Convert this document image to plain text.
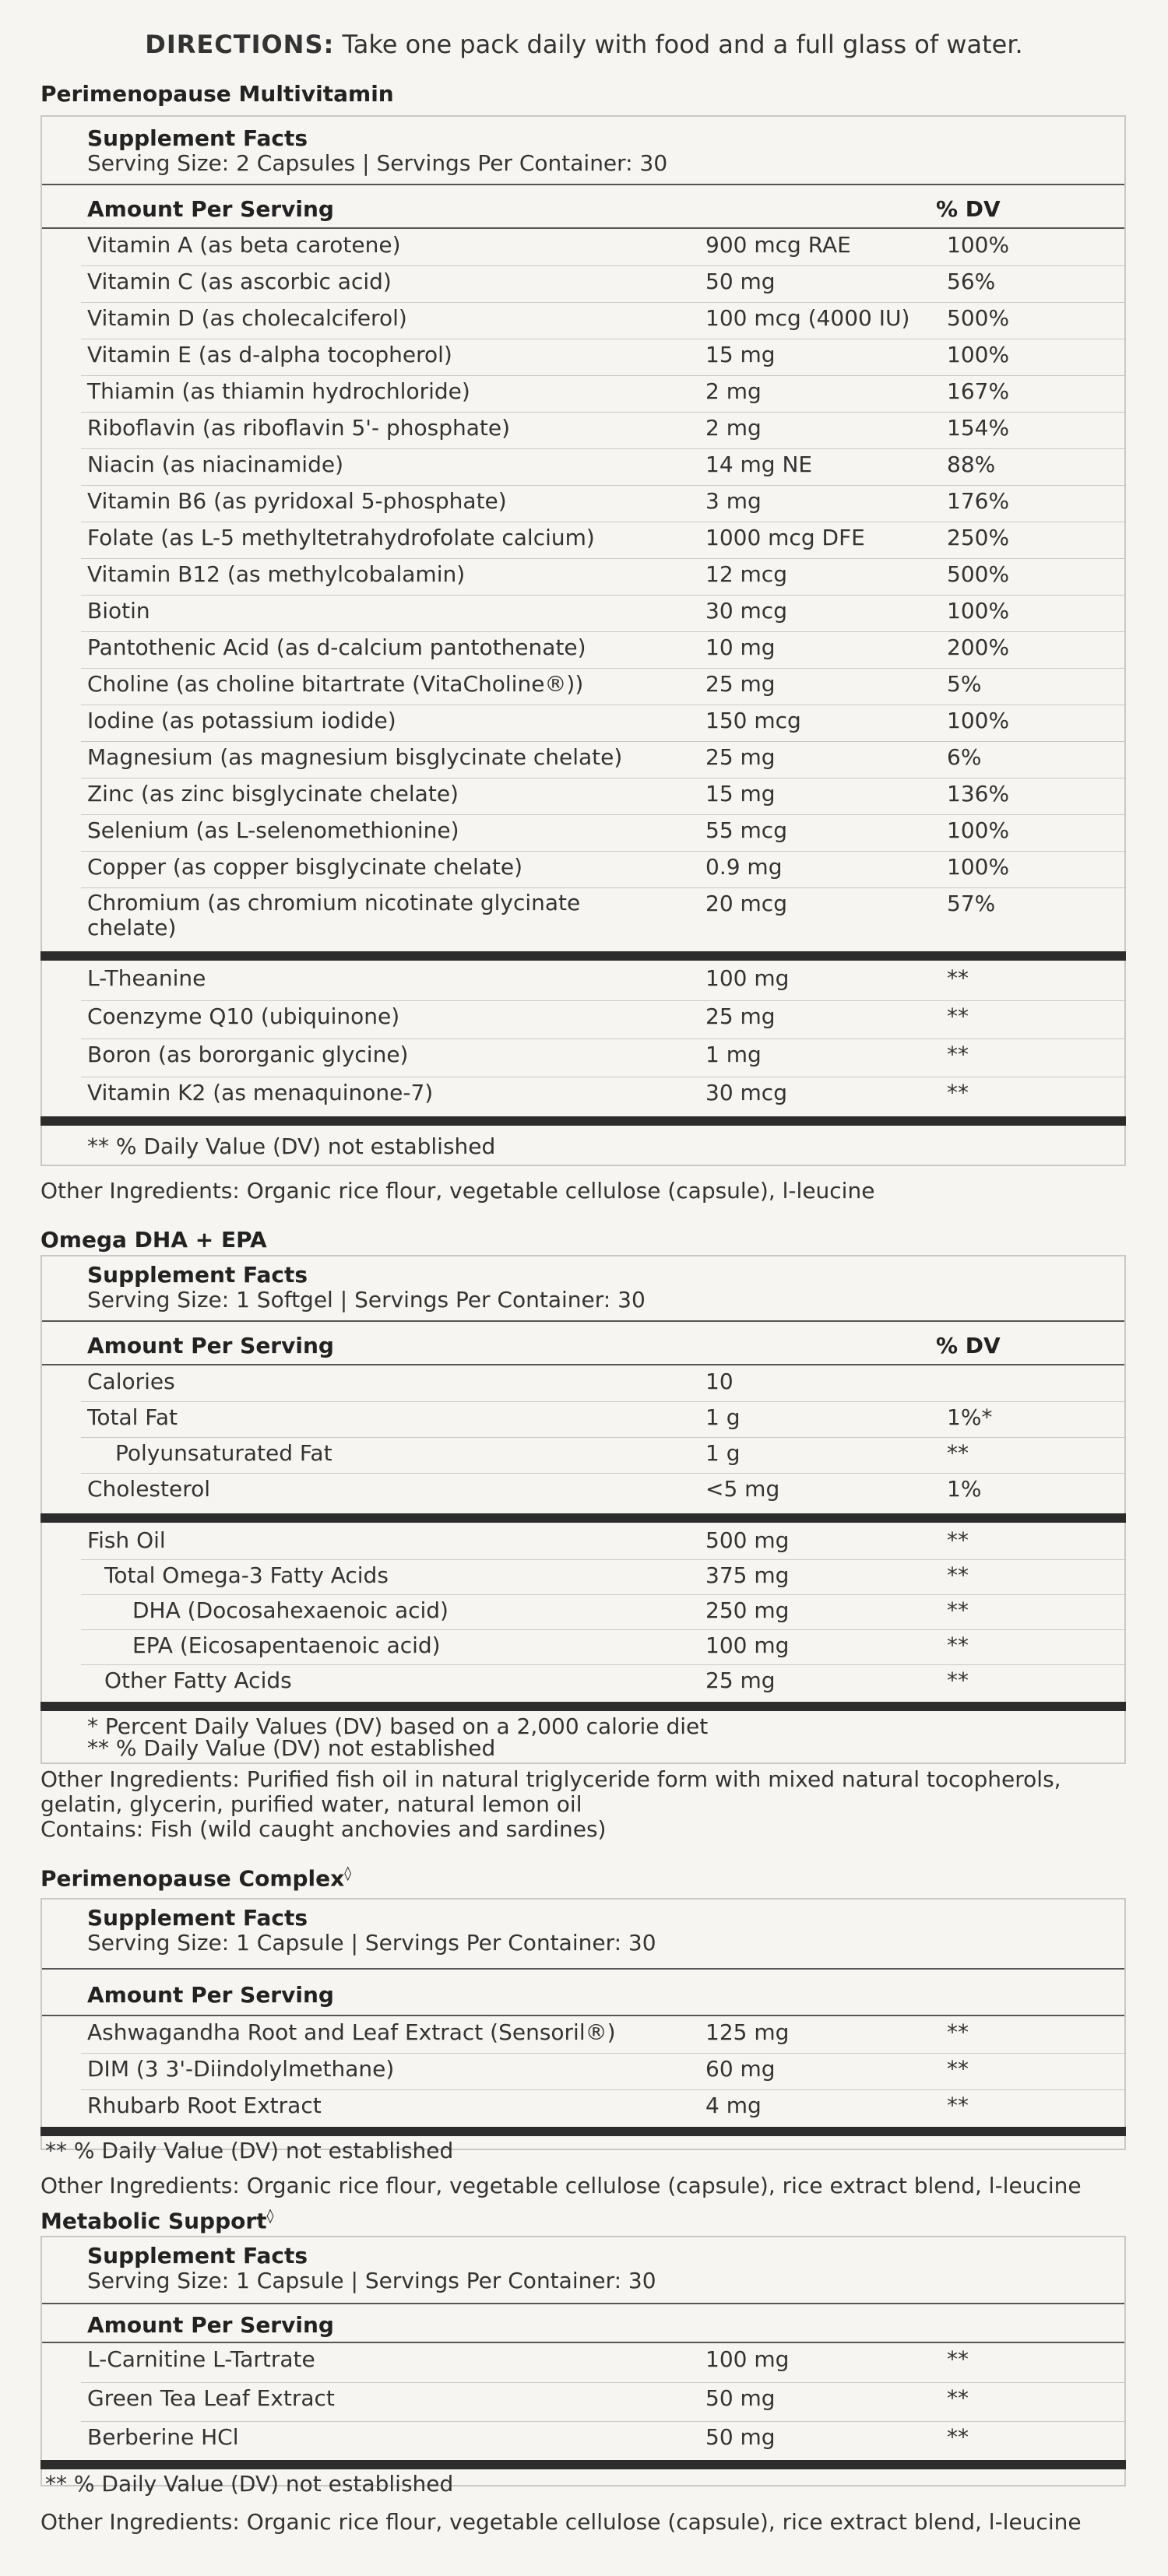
DIRECTIONS: Take one pack daily with food and a full glass of water.

Perimenopause Multivitamin
Supplement Facts
Serving Size: 2 Capsules | Servings Per Container: 30
Amount Per Serving	% DV
Vitamin A (as beta carotene)	900 mcg RAE	100%
Vitamin C (as ascorbic acid)	50 mg	56%
Vitamin D (as cholecalciferol)	100 mcg (4000 IU) 500%
Vitamin E (as d-alpha tocopherol)	15 mg	100%
Thiamin (as thiamin hydrochloride)	2 mg	167%
Riboflavin (as riboflavin 5'- phosphate)	2 mg	154%
Niacin (as niacinamide)	14 mg NE	88%
Vitamin B6 (as pyridoxal 5-phosphate)	3 mg	176%
Folate (as L-5 methyltetrahydrofolate calcium)	1000 mcg DFE	250%
Vitamin B12 (as methylcobalamin)	12 mcg	500%
Biotin	30 mcg	100%
Pantothenic Acid (as d-calcium pantothenate)	10 mg	200%
Choline (as choline bitartrate (VitaCholine®))	25 mg	5%
Iodine (as potassium iodide)	150 mcg	100%
Magnesium (as magnesium bisglycinate chelate)	25 mg	6%
Zinc (as zinc bisglycinate chelate)	15 mg	136%
Selenium (as L-selenomethionine)	55 mcg	100%
Copper (as copper bisglycinate chelate)	0.9 mg	100%
Chromium (as chromium nicotinate glycinate chelate)
20 mcg	57%
L-Theanine	100 mg	**
Coenzyme Q10 (ubiquinone)	25 mg	**
Boron (as bororganic glycine)	1 mg	**
Vitamin K2 (as menaquinone-7)	30 mcg	**
** % Daily Value (DV) not established

Other Ingredients: Organic rice flour, vegetable cellulose (capsule), l-leucine

Omega DHA + EPA
Supplement Facts
Serving Size: 1 Softgel | Servings Per Container: 30
Amount Per Serving	% DV
Calories	10
Total Fat	1 g	1%*
Polyunsaturated Fat	1 g	**
Cholesterol	<5 mg	1%
Fish Oil	500 mg	**
Total Omega-3 Fatty Acids	375 mg	**
DHA (Docosahexaenoic acid)	250 mg	**
EPA (Eicosapentaenoic acid)	100 mg	**
Other Fatty Acids	25 mg	**
* Percent Daily Values (DV) based on a 2,000 calorie diet
** % Daily Value (DV) not established

Other Ingredients: Purified fish oil in natural triglyceride form with mixed natural tocopherols, gelatin, glycerin, purified water, natural lemon oil

Contains: Fish (wild caught anchovies and sardines)

Perimenopause Complex◊
Supplement Facts
Serving Size: 1 Capsule | Servings Per Container: 30
Amount Per Serving
Ashwagandha Root and Leaf Extract (Sensoril®)	125 mg	**
DIM (3 3'-Diindolylmethane)	60 mg	**
Rhubarb Root Extract	4 mg	**
** % Daily Value (DV) not established

Other Ingredients: Organic rice flour, vegetable cellulose (capsule), rice extract blend, l-leucine

Metabolic Support◊
Supplement Facts
Serving Size: 1 Capsule | Servings Per Container: 30
Amount Per Serving
L-Carnitine L-Tartrate	100 mg	**
Green Tea Leaf Extract	50 mg	**
Berberine HCl	50 mg	**
** % Daily Value (DV) not established

Other Ingredients: Organic rice flour, vegetable cellulose (capsule), rice extract blend, l-leucine
